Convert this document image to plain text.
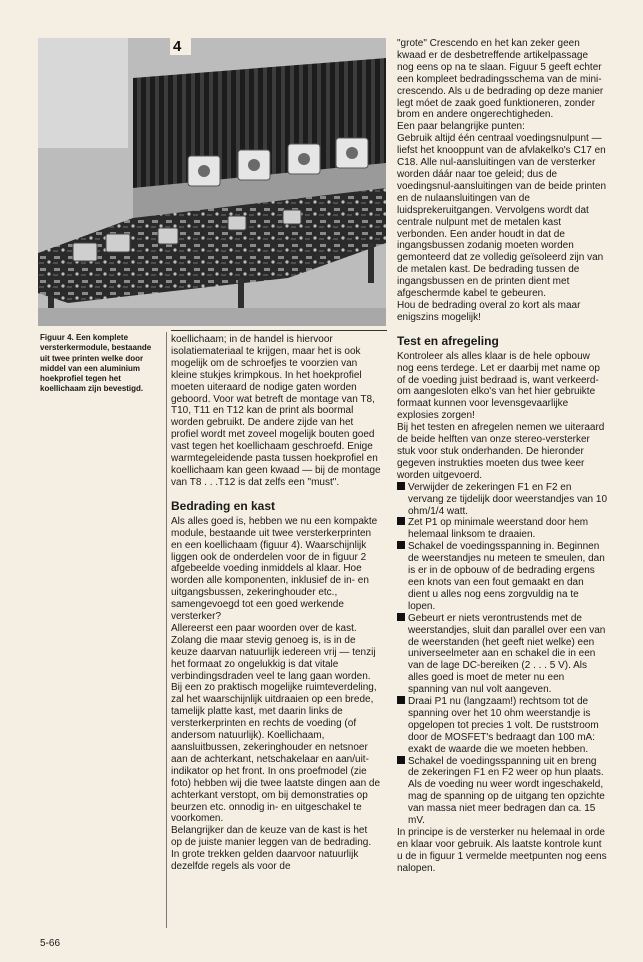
4
Figuur 4. Een komplete versterkermodule, bestaande uit twee printen welke door middel van een aluminium hoekprofiel tegen het koellichaam zijn bevestigd.

koellichaam; in de handel is hiervoor isolatiemateriaal te krijgen, maar het is ook mogelijk om de schroefjes te voorzien van kleine stukjes krimpkous. In het hoekprofiel moeten uiteraard de nodige gaten worden geboord. Voor wat betreft de montage van T8, T10, T11 en T12 kan de print als boormal worden gebruikt. De andere zijde van het profiel wordt met zoveel mogelijk bouten goed vast tegen het koellichaam geschroefd. Enige warmtegeleidende pasta tussen hoekprofiel en koellichaam kan geen kwaad — bij de montage van T8 . . .T12 is dat zelfs een "must".

Bedrading en kast

Als alles goed is, hebben we nu een kompakte module, bestaande uit twee versterkerprinten en een koellichaam (figuur 4). Waarschijnlijk liggen ook de onderdelen voor de in figuur 2 afgebeelde voeding inmiddels al klaar. Hoe worden alle komponenten, inklusief de in- en uitgangsbussen, zekeringhouder etc., samengevoegd tot een goed werkende versterker?

Allereerst een paar woorden over de kast. Zolang die maar stevig genoeg is, is in de keuze daarvan natuurlijk iedereen vrij — tenzij het formaat zo ongelukkig is dat vitale verbindingsdraden veel te lang gaan worden. Bij een zo praktisch mogelijke ruimteverdeling, zal het waarschijnlijk uitdraaien op een brede, tamelijk platte kast, met daarin links de versterkerprinten en rechts de voeding (of andersom natuurlijk). Koellichaam, aansluitbussen, zekeringhouder en netsnoer aan de achterkant, netschakelaar en aan/uit-indikator op het front. In ons proefmodel (zie foto) hebben wij die twee laatste dingen aan de achterkant verstopt, om bij demonstraties op beurzen etc. onnodig in- en uitgeschakel te voorkomen.

Belangrijker dan de keuze van de kast is het op de juiste manier leggen van de bedrading. In grote trekken gelden daarvoor natuurlijk dezelfde regels als voor de

"grote" Crescendo en het kan zeker geen kwaad er de desbetreffende artikelpassage nog eens op na te slaan. Figuur 5 geeft echter een kompleet bedradingsschema van de mini-crescendo. Als u de bedrading op deze manier legt móet de zaak goed funktioneren, zonder brom en andere ongerechtigheden.

Een paar belangrijke punten:

Gebruik altijd één centraal voedingsnulpunt — liefst het knooppunt van de afvlakelko's C17 en C18. Alle nul-aansluitingen van de versterker worden dáár naar toe geleid; dus de voedingsnul-aansluitingen van de beide printen en de nulaansluitingen van de luidsprekeruitgangen. Vervolgens wordt dat centrale nulpunt met de metalen kast verbonden. Een ander houdt in dat de ingangsbussen zodanig moeten worden gemonteerd dat ze volledig geïsoleerd zijn van de metalen kast. De bedrading tussen de ingangsbussen en de printen dient met afgeschermde kabel te gebeuren.

Hou de bedrading overal zo kort als maar enigszins mogelijk!

Test en afregeling

Kontroleer als alles klaar is de hele opbouw nog eens terdege. Let er daarbij met name op of de voeding juist bedraad is, want verkeerd-om aangesloten elko's van het hier gebruikte formaat kunnen voor levensgevaarlijke explosies zorgen!

Bij het testen en afregelen nemen we uiteraard de beide helften van onze stereo-versterker stuk voor stuk onderhanden. De hieronder gegeven instrukties moeten dus twee keer worden uitgevoerd.

Verwijder de zekeringen F1 en F2 en vervang ze tijdelijk door weerstandjes van 10 ohm/1/4 watt.

Zet P1 op minimale weerstand door hem helemaal linksom te draaien.

Schakel de voedingsspanning in. Beginnen de weerstandjes nu meteen te smeulen, dan is er in de opbouw of de bedrading ergens een knots van een fout gemaakt en dan dient u alles nog eens zorgvuldig na te lopen.

Gebeurt er niets verontrustends met de weerstandjes, sluit dan parallel over een van de weerstanden (het geeft niet welke) een universeelmeter aan en schakel die in een van de lage DC-bereiken (2 . . . 5 V). Als alles goed is moet de meter nu een spanning van nul volt aangeven.

Draai P1 nu (langzaam!) rechtsom tot de spanning over het 10 ohm weerstandje is opgelopen tot precies 1 volt. De ruststroom door de MOSFET's bedraagt dan 100 mA: exakt de waarde die we moeten hebben.

Schakel de voedingsspanning uit en breng de zekeringen F1 en F2 weer op hun plaats. Als de voeding nu weer wordt ingeschakeld, mag de spanning op de uitgang ten opzichte van massa niet meer bedragen dan ca. 15 mV.

In principe is de versterker nu helemaal in orde en klaar voor gebruik. Als laatste kontrole kunt u de in figuur 1 vermelde meetpunten nog eens nalopen.

5-66
